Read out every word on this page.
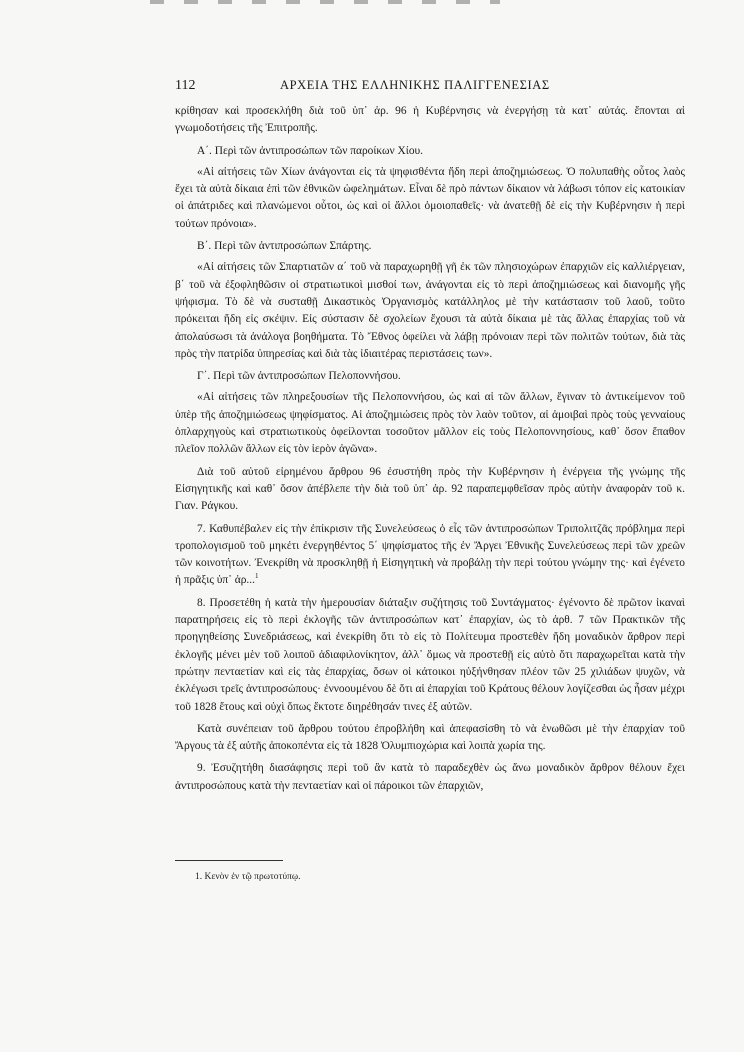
112	ΑΡΧΕΙΑ ΤΗΣ ΕΛΛΗΝΙΚΗΣ ΠΑΛΙΓΓΕΝΕΣΙΑΣ

κρίθησαν καὶ προσεκλήθη διὰ τοῦ ὑπ᾽ ἀρ. 96 ἡ Κυβέρνησις νὰ ἐνεργήσῃ τὰ κατ᾽ αὐτάς. ἕπονται αἱ γνωμοδοτήσεις τῆς Ἐπιτροπῆς.

Α΄. Περὶ τῶν ἀντιπροσώπων τῶν παροίκων Χίου.

«Αἱ αἰτήσεις τῶν Χίων ἀνάγονται εἰς τὰ ψηφισθέντα ἤδη περὶ ἀποζημιώσεως. Ὁ πολυπαθὴς οὗτος λαὸς ἔχει τὰ αὐτὰ δίκαια ἐπὶ τῶν ἐθνικῶν ὠφελημάτων. Εἶναι δὲ πρὸ πάντων δίκαιον νὰ λάβωσι τόπον εἰς κατοικίαν οἱ ἀπάτριδες καὶ πλανώμενοι οὗτοι, ὡς καὶ οἱ ἄλλοι ὁμοιοπαθεῖς· νὰ ἀνατεθῇ δὲ εἰς τὴν Κυβέρνησιν ἡ περὶ τούτων πρόνοια».

Β΄. Περὶ τῶν ἀντιπροσώπων Σπάρτης.

«Αἱ αἰτήσεις τῶν Σπαρτιατῶν α΄ τοῦ νὰ παραχωρηθῇ γῆ ἐκ τῶν πλησιοχώρων ἐπαρχιῶν εἰς καλλιέργειαν, β΄ τοῦ νὰ ἐξοφληθῶσιν οἱ στρατιωτικοὶ μισθοί των, ἀνάγονται εἰς τὸ περὶ ἀποζημιώσεως καὶ διανομῆς γῆς ψήφισμα. Τὸ δὲ νὰ συσταθῇ Δικαστικὸς Ὀργανισμὸς κατάλληλος μὲ τὴν κατάστασιν τοῦ λαοῦ, τοῦτο πρόκειται ἤδη εἰς σκέψιν. Εἰς σύστασιν δὲ σχολείων ἔχουσι τὰ αὐτὰ δίκαια μὲ τὰς ἄλλας ἐπαρχίας τοῦ νὰ ἀπολαύσωσι τὰ ἀνάλογα βοηθήματα. Τὸ Ἔθνος ὀφείλει νὰ λάβῃ πρόνοιαν περὶ τῶν πολιτῶν τούτων, διὰ τὰς πρὸς τὴν πατρίδα ὑπηρεσίας καὶ διὰ τὰς ἰδιαιτέρας περιστάσεις των».

Γ΄. Περὶ τῶν ἀντιπροσώπων Πελοποννήσου.

«Αἱ αἰτήσεις τῶν πληρεξουσίων τῆς Πελοποννήσου, ὡς καὶ αἱ τῶν ἄλλων, ἔγιναν τὸ ἀντικείμενον τοῦ ὑπὲρ τῆς ἀποζημιώσεως ψηφίσματος. Αἱ ἀποζημιώσεις πρὸς τὸν λαὸν τοῦτον, αἱ ἀμοιβαὶ πρὸς τοὺς γενναίους ὁπλαρχηγοὺς καὶ στρατιωτικοὺς ὀφείλονται τοσοῦτον μᾶλλον εἰς τοὺς Πελοποννησίους, καθ᾽ ὅσον ἔπαθον πλεῖον πολλῶν ἄλλων εἰς τὸν ἱερὸν ἀγῶνα».

Διὰ τοῦ αὐτοῦ εἰρημένου ἄρθρου 96 ἐσυστήθη πρὸς τὴν Κυβέρνησιν ἡ ἐνέργεια τῆς γνώμης τῆς Εἰσηγητικῆς καὶ καθ᾽ ὅσον ἀπέβλεπε τὴν διὰ τοῦ ὑπ᾽ ἀρ. 92 παραπεμφθεῖσαν πρὸς αὐτὴν ἀναφορὰν τοῦ κ. Γιαν. Ράγκου.

7. Καθυπέβαλεν εἰς τὴν ἐπίκρισιν τῆς Συνελεύσεως ὁ εἷς τῶν ἀντιπροσώπων Τριπολιτζᾶς πρόβλημα περὶ τροπολογισμοῦ τοῦ μηκέτι ἐνεργηθέντος 5΄ ψηφίσματος τῆς ἐν Ἄργει Ἐθνικῆς Συνελεύσεως περὶ τῶν χρεῶν τῶν κοινοτήτων. Ἐνεκρίθη νὰ προσκληθῇ ἡ Εἰσηγητικὴ νὰ προβάλῃ τὴν περὶ τούτου γνώμην της· καὶ ἐγένετο ἡ πρᾶξις ὑπ᾽ ἀρ...$^1$

8. Προσετέθη ἡ κατὰ τὴν ἡμερουσίαν διάταξιν συζήτησις τοῦ Συντάγματος· ἐγένοντο δὲ πρῶτον ἱκαναὶ παρατηρήσεις εἰς τὸ περὶ ἐκλογῆς τῶν ἀντιπροσώπων κατ᾽ ἐπαρχίαν, ὡς τὸ ἀρθ. 7 τῶν Πρακτικῶν τῆς προηγηθείσης Συνεδριάσεως, καὶ ἐνεκρίθη ὅτι τὸ εἰς τὸ Πολίτευμα προστεθὲν ἤδη μοναδικὸν ἄρθρον περὶ ἐκλογῆς μένει μὲν τοῦ λοιποῦ ἀδιαφιλονίκητον, ἀλλ᾽ ὅμως νὰ προστεθῇ εἰς αὐτὸ ὅτι παραχωρεῖται κατὰ τὴν πρώτην πενταετίαν καὶ εἰς τὰς ἐπαρχίας, ὅσων οἱ κάτοικοι ηὐξήνθησαν πλέον τῶν 25 χιλιάδων ψυχῶν, νὰ ἐκλέγωσι τρεῖς ἀντιπροσώπους· ἐννοουμένου δὲ ὅτι αἱ ἐπαρχίαι τοῦ Κράτους θέλουν λογίζεσθαι ὡς ἦσαν μέχρι τοῦ 1828 ἔτους καὶ οὐχὶ ὅπως ἔκτοτε διηρέθησάν τινες ἐξ αὐτῶν.

Κατὰ συνέπειαν τοῦ ἄρθρου τούτου ἐπροβλήθη καὶ ἀπεφασίσθη τὸ νὰ ἑνωθῶσι μὲ τὴν ἐπαρχίαν τοῦ Ἄργους τὰ ἐξ αὐτῆς ἀποκοπέντα εἰς τὰ 1828 Ὀλυμπιοχώρια καὶ λοιπὰ χωρία της.

9. Ἐσυζητήθη διασάφησις περὶ τοῦ ἂν κατὰ τὸ παραδεχθὲν ὡς ἄνω μοναδικὸν ἄρθρον θέλουν ἔχει ἀντιπροσώπους κατὰ τὴν πενταετίαν καὶ οἱ πάροικοι τῶν ἐπαρχιῶν,

1. Κενὸν ἐν τῷ πρωτοτύπῳ.
